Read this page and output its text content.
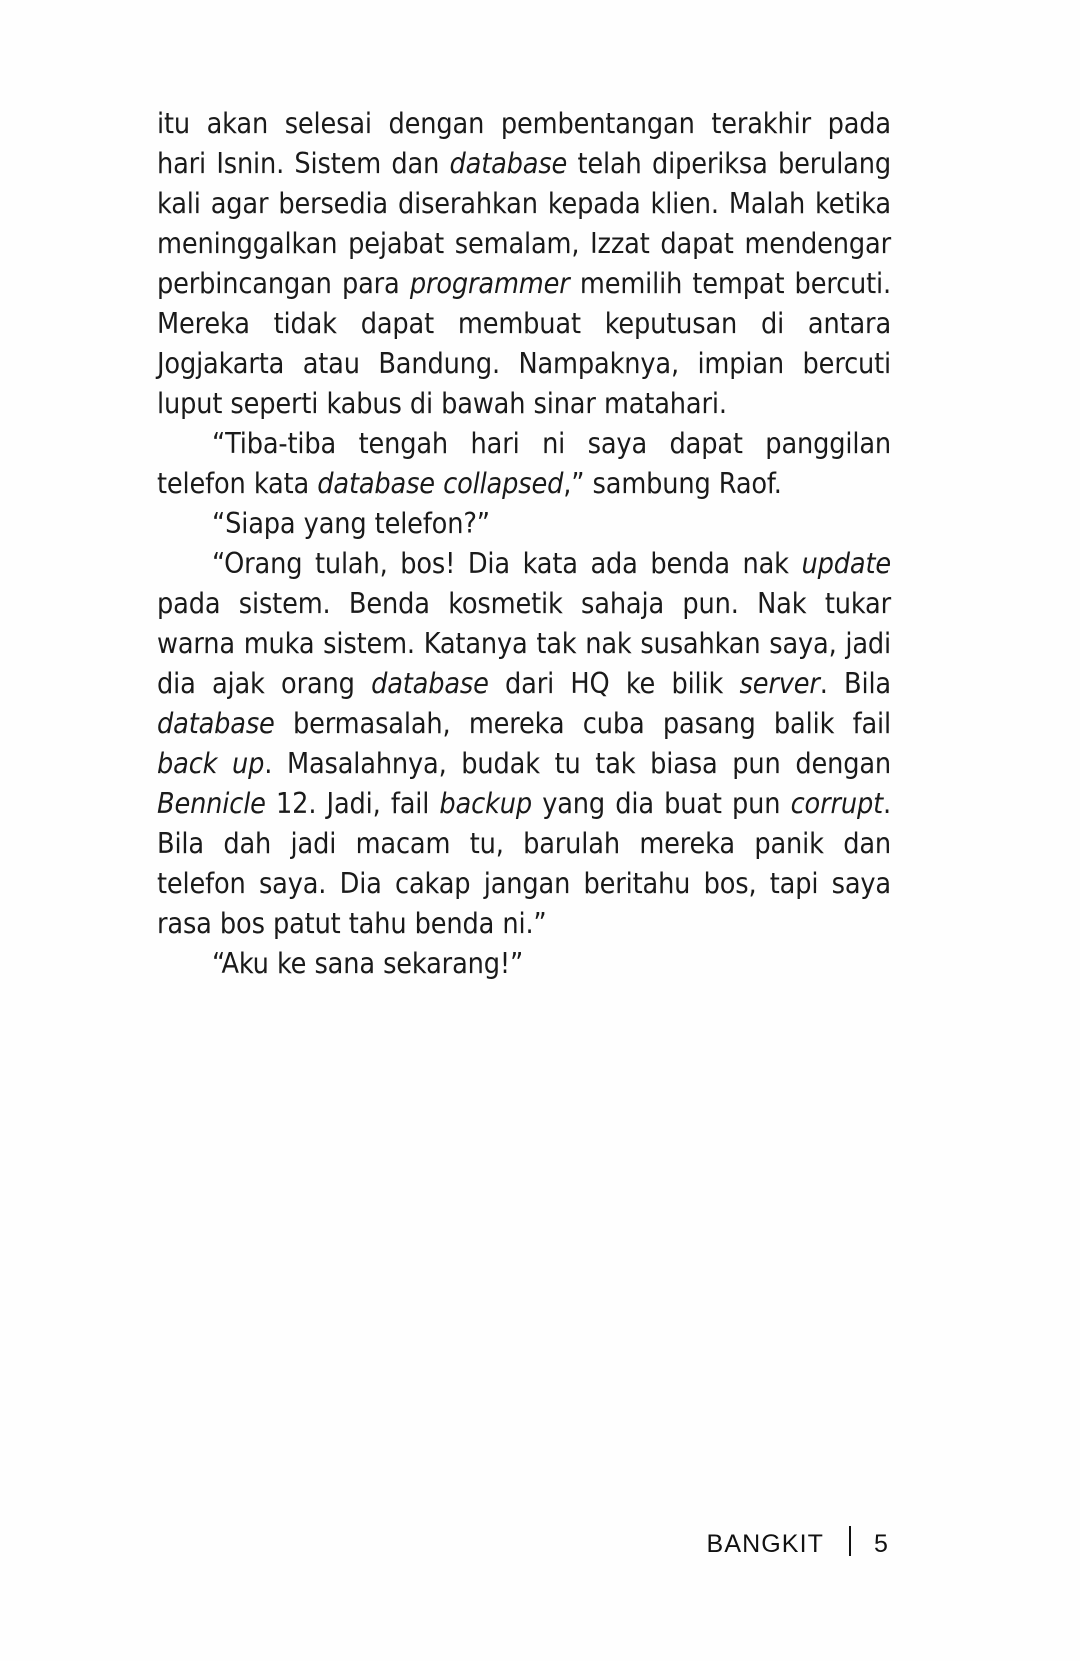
itu akan selesai dengan pembentangan terakhir pada hari Isnin. Sistem dan database telah diperiksa berulang kali agar bersedia diserahkan kepada klien. Malah ketika meninggalkan pejabat semalam, Izzat dapat mendengar perbincangan para programmer memilih tempat bercuti. Mereka tidak dapat membuat keputusan di antara Jogjakarta atau Bandung. Nampaknya, impian bercuti luput seperti kabus di bawah sinar matahari.

“Tiba-tiba tengah hari ni saya dapat panggilan telefon kata database collapsed,” sambung Raof.

“Siapa yang telefon?”

“Orang tulah, bos! Dia kata ada benda nak update pada sistem. Benda kosmetik sahaja pun. Nak tukar warna muka sistem. Katanya tak nak susahkan saya, jadi dia ajak orang database dari HQ ke bilik server. Bila database bermasalah, mereka cuba pasang balik fail back up. Masalahnya, budak tu tak biasa pun dengan Bennicle 12. Jadi, fail backup yang dia buat pun corrupt. Bila dah jadi macam tu, barulah mereka panik dan telefon saya. Dia cakap jangan beritahu bos, tapi saya rasa bos patut tahu benda ni.”

“Aku ke sana sekarang!”

BANGKIT 5
